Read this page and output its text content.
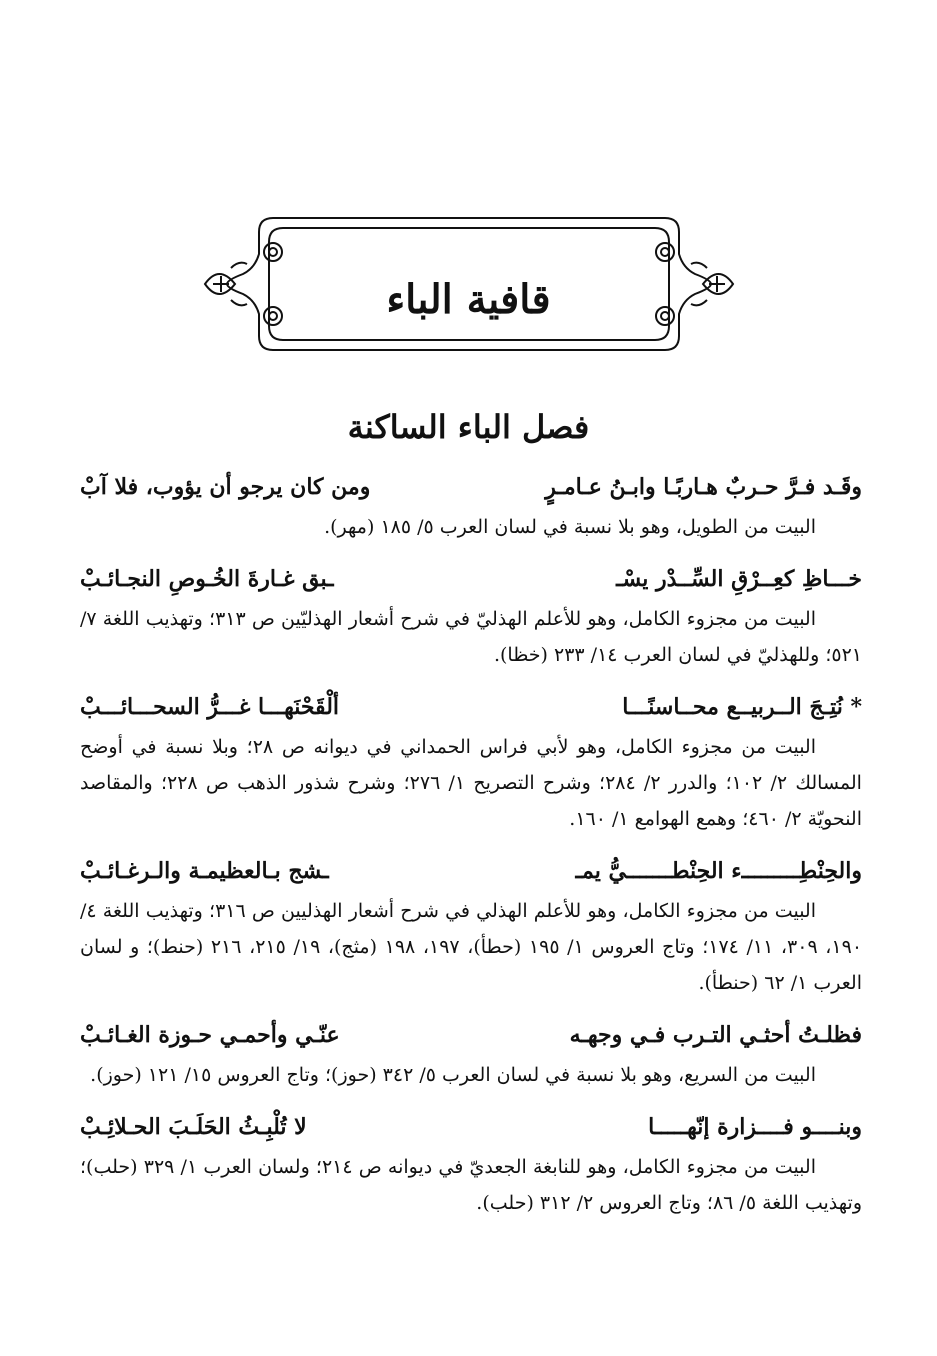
قافية الباء
فصل الباء الساكنة
وقَـد فـرَّ حـربٌ هـاربًـا وابـنُ عـامـرٍ
ومن كان يرجو أن يؤوب، فلا آبْ

البيت من الطويل، وهو بلا نسبة في لسان العرب ٥/ ١٨٥ (مهر).

خـــاظِ كعِــرْقِ السِّــدْر يسْـ
ـبق غـارةَ الخُـوصِ النجـائـبْ

البيت من مجزوء الكامل، وهو للأعلم الهذليّ في شرح أشعار الهذليّين ص ٣١٣؛ وتهذيب اللغة ٧/ ٥٢١؛ وللهذليّ في لسان العرب ١٤/ ٢٣٣ (خظا).

* نُتِـجَ الــربيــع محــاسنًـــا
ألْقَحْنَهـــا غـــرُّ السحـــائـــبْ

البيت من مجزوء الكامل، وهو لأبي فراس الحمداني في ديوانه ص ٢٨؛ وبلا نسبة في أوضح المسالك ٢/ ١٠٢؛ والدرر ٢/ ٢٨٤؛ وشرح التصريح ١/ ٢٧٦؛ وشرح شذور الذهب ص ٢٢٨؛ والمقاصد النحويّة ٢/ ٤٦٠؛ وهمع الهوامع ١/ ١٦٠.

والحِنْطِـــــــــء الحِنْطـــــــيُّ يمـ
ـشج بـالعظيمـة والـرغـائـبْ

البيت من مجزوء الكامل، وهو للأعلم الهذلي في شرح أشعار الهذليين ص ٣١٦؛ وتهذيب اللغة ٤/ ١٩٠، ٣٠٩، ١١/ ١٧٤؛ وتاج العروس ١/ ١٩٥ (حطأ)، ١٩٧، ١٩٨ (مثج)، ١٩/ ٢١٥، ٢١٦ (حنط)؛ و لسان العرب ١/ ٦٢ (حنطأ).

فظلـتُ أحثـي التـرب فـي وجهـه
عنّـي وأحمـي حـوزة الغـائـبْ

البيت من السريع، وهو بلا نسبة في لسان العرب ٥/ ٣٤٢ (حوز)؛ وتاج العروس ١٥/ ١٢١ (حوز).

وبنــــو فــــزارة إنّهـــــا
لا تُلْبِـثُ الحَلَـبَ الحـلائِـبْ

البيت من مجزوء الكامل، وهو للنابغة الجعديّ في ديوانه ص ٢١٤؛ ولسان العرب ١/ ٣٢٩ (حلب)؛ وتهذيب اللغة ٥/ ٨٦؛ وتاج العروس ٢/ ٣١٢ (حلب).
